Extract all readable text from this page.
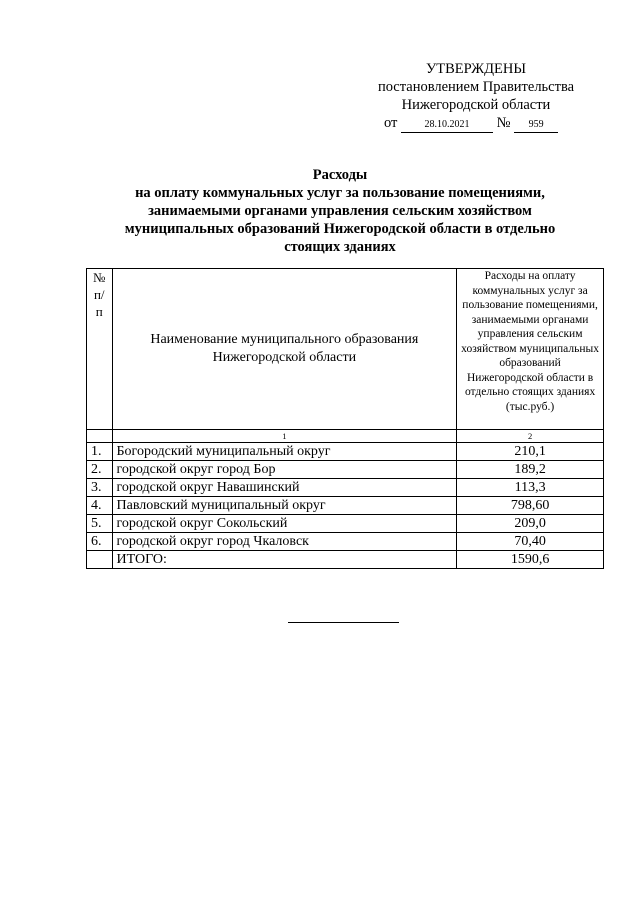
УТВЕРЖДЕНЫ
постановлением Правительства
Нижегородской области
от	28.10.2021 № 959
Расходы
на оплату коммунальных услуг за пользование помещениями,
занимаемыми органами управления сельским хозяйством
муниципальных образований Нижегородской области в отдельно
стоящих зданиях
№
п/п	Наименование муниципального образования Нижегородской области	Расходы на оплату коммунальных услуг за пользование помещениями, занимаемыми органами управления сельским хозяйством муниципальных образований Нижегородской области в отдельно стоящих зданиях (тыс.руб.)
	1	2
1.	Богородский муниципальный округ	210,1
2.	городской округ город Бор	189,2
3.	городской округ Навашинский	113,3
4.	Павловский муниципальный округ	798,60
5.	городской округ Сокольский	209,0
6.	городской округ город Чкаловск	70,40
	ИТОГО:	1590,6
